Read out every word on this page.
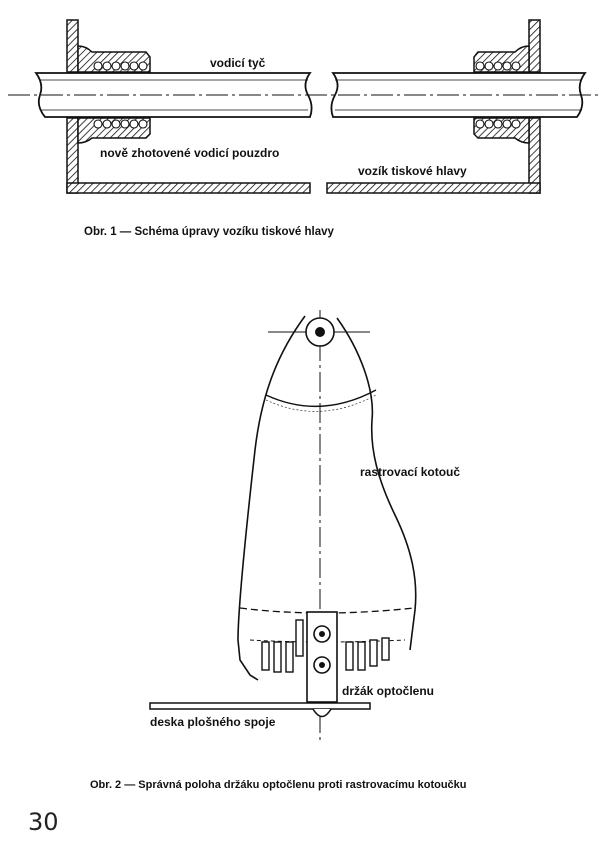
vodicí tyč
nově zhotovené vodicí pouzdro
vozík tiskové hlavy
Obr. 1 — Schéma úpravy vozíku tiskové hlavy
rastrovací kotouč
držák optočlenu
deska plošného spoje
Obr. 2 — Správná poloha držáku optočlenu proti rastrovacímu kotoučku
30
